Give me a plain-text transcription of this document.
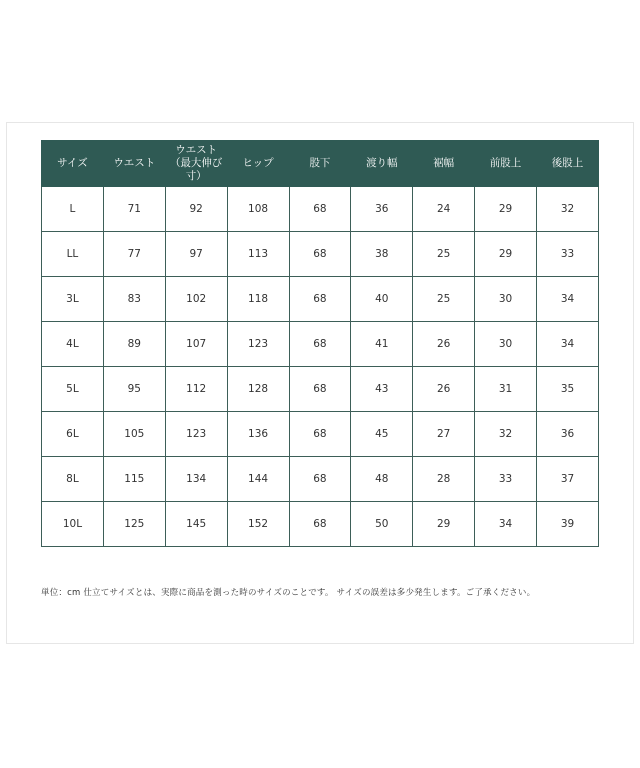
サイズ	ウエスト	ウエスト（最大伸び寸）	ヒップ	股下	渡り幅	裾幅	前股上	後股上
L	71	92	108	68	36	24	29	32
LL	77	97	113	68	38	25	29	33
3L	83	102	118	68	40	25	30	34
4L	89	107	123	68	41	26	30	34
5L	95	112	128	68	43	26	31	35
6L	105	123	136	68	45	27	32	36
8L	115	134	144	68	48	28	33	37
10L	125	145	152	68	50	29	34	39
単位：cm 仕立てサイズとは、実際に商品を測った時のサイズのことです。 サイズの誤差は多少発生します。ご了承ください。
